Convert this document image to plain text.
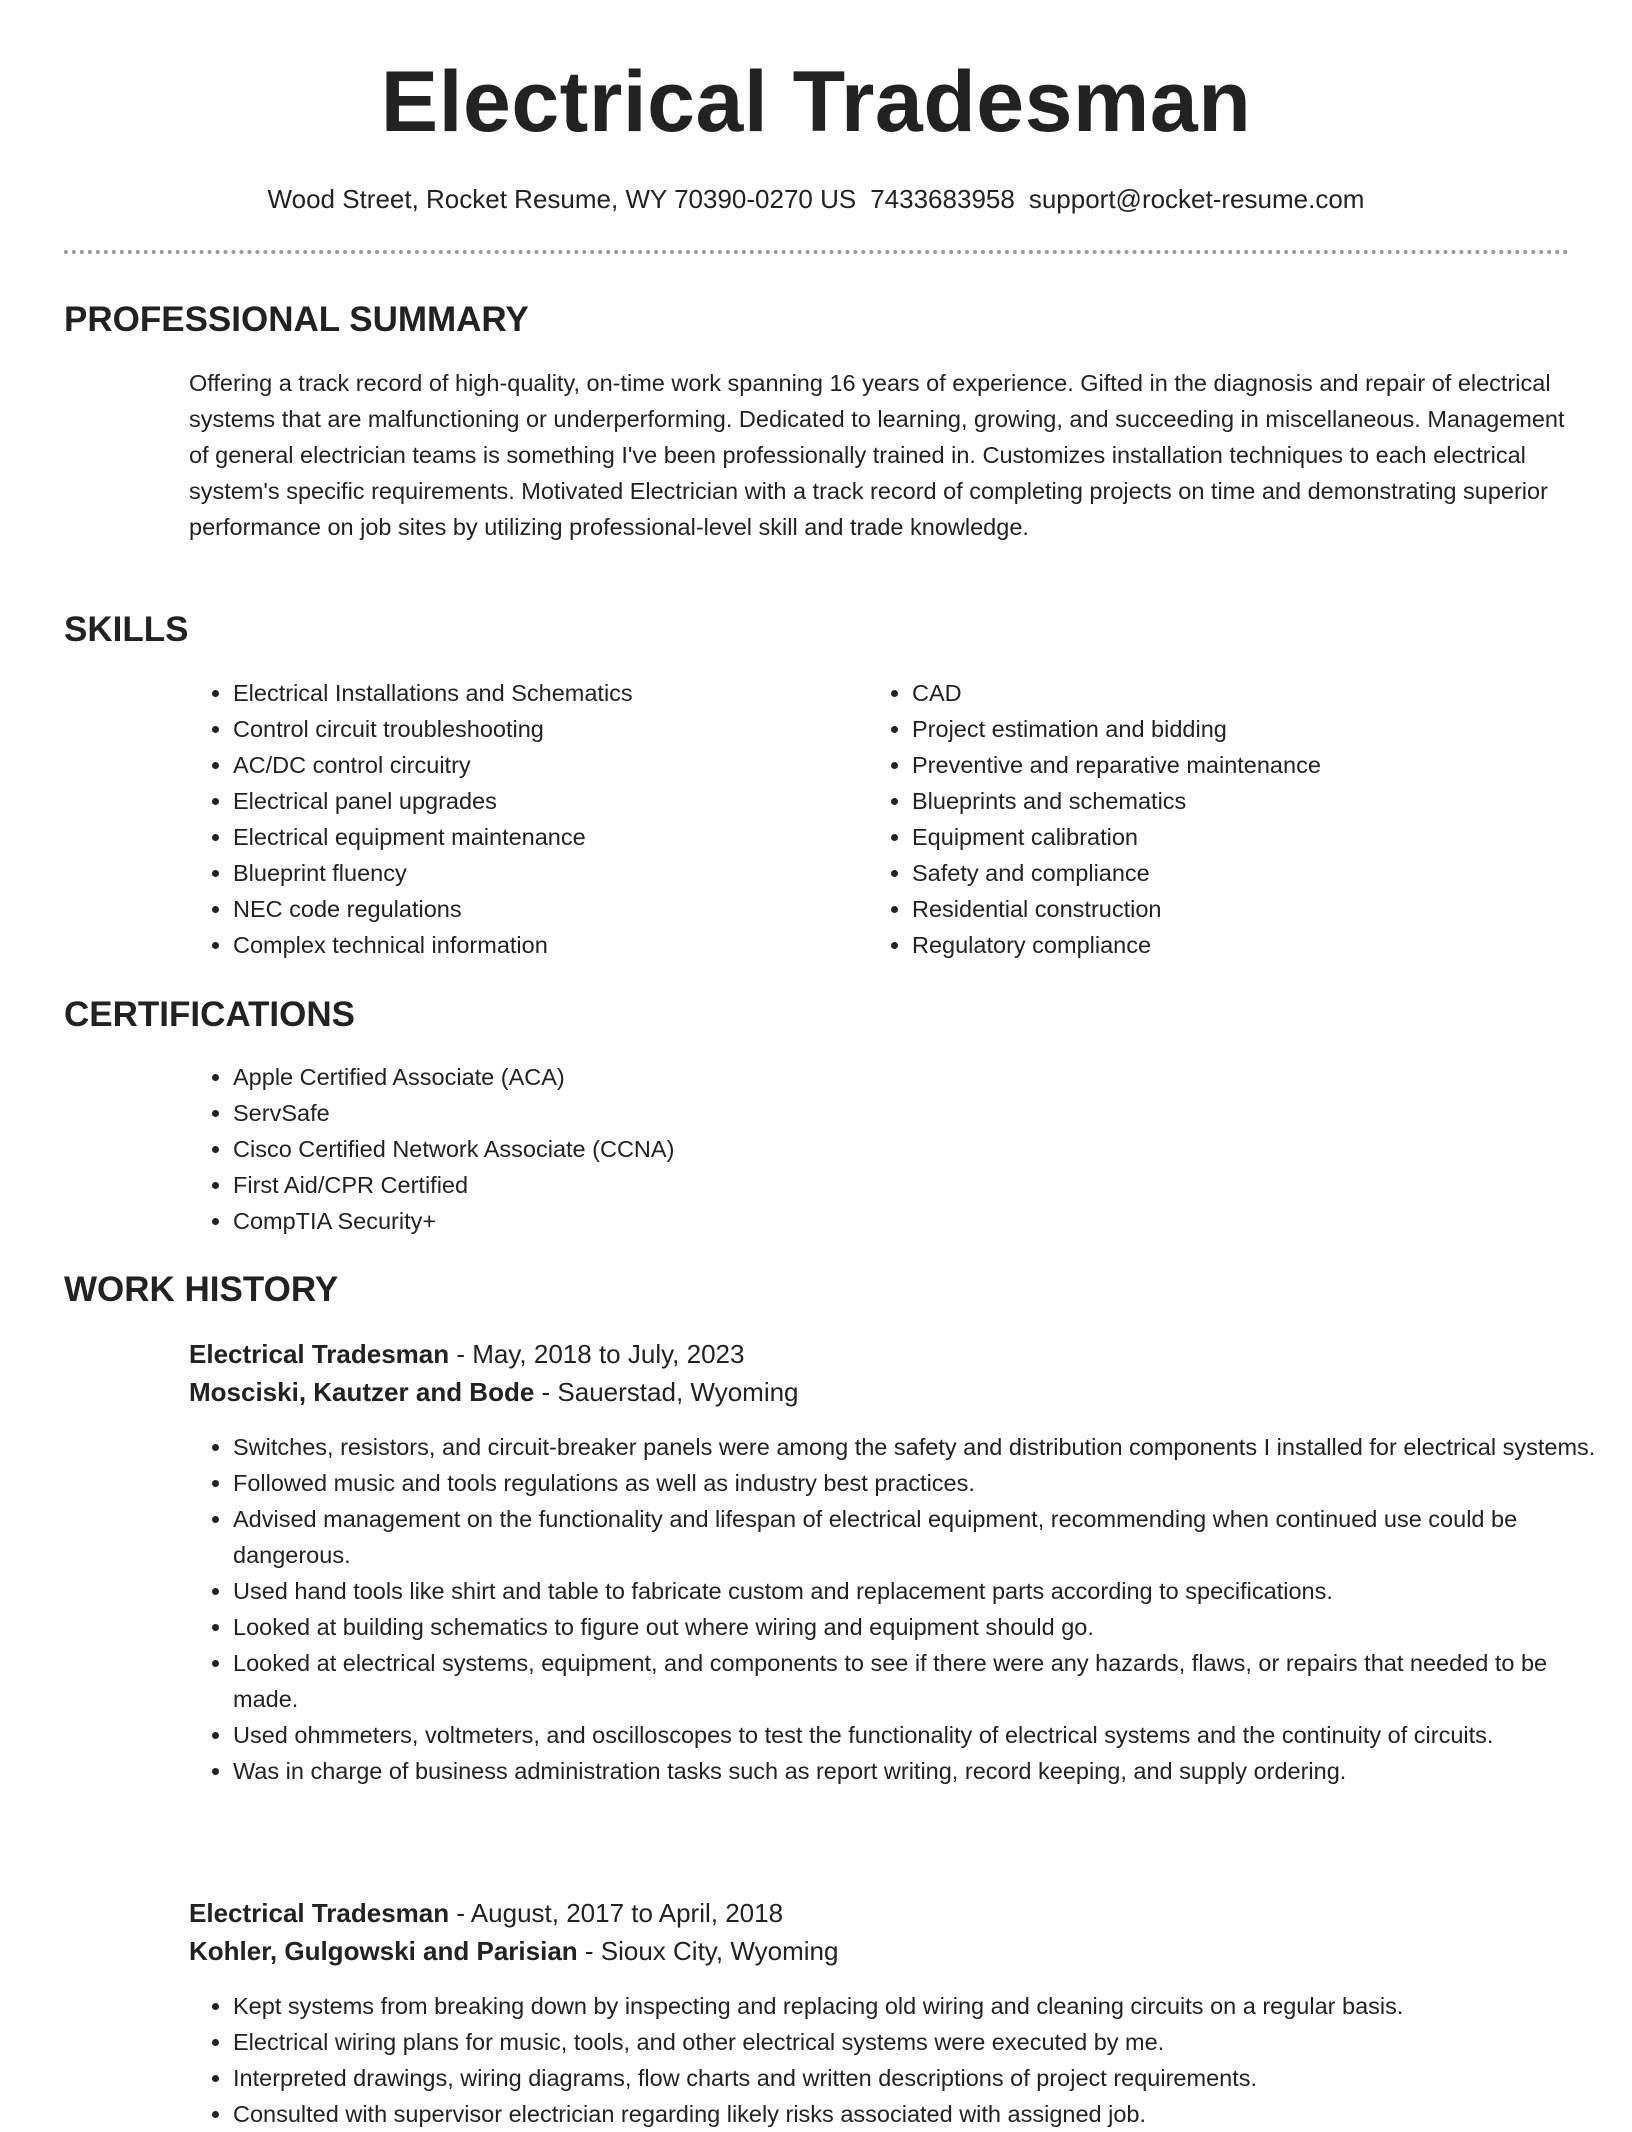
Electrical Tradesman
Wood Street, Rocket Resume, WY 70390-0270 US 7433683958 support@rocket-resume.com
PROFESSIONAL SUMMARY
Offering a track record of high-quality, on-time work spanning 16 years of experience. Gifted in the diagnosis and repair of electrical systems that are malfunctioning or underperforming. Dedicated to learning, growing, and succeeding in miscellaneous. Management of general electrician teams is something I've been professionally trained in. Customizes installation techniques to each electrical system's specific requirements. Motivated Electrician with a track record of completing projects on time and demonstrating superior performance on job sites by utilizing professional-level skill and trade knowledge.
SKILLS
• Electrical Installations and Schematics
• Control circuit troubleshooting
• AC/DC control circuitry
• Electrical panel upgrades
• Electrical equipment maintenance
• Blueprint fluency
• NEC code regulations
• Complex technical information
• CAD
• Project estimation and bidding
• Preventive and reparative maintenance
• Blueprints and schematics
• Equipment calibration
• Safety and compliance
• Residential construction
• Regulatory compliance
CERTIFICATIONS
• Apple Certified Associate (ACA)
• ServSafe
• Cisco Certified Network Associate (CCNA)
• First Aid/CPR Certified
• CompTIA Security+
WORK HISTORY
Electrical Tradesman - May, 2018 to July, 2023
Mosciski, Kautzer and Bode - Sauerstad, Wyoming
• Switches, resistors, and circuit-breaker panels were among the safety and distribution components I installed for electrical systems.
• Followed music and tools regulations as well as industry best practices.
• Advised management on the functionality and lifespan of electrical equipment, recommending when continued use could be dangerous.
• Used hand tools like shirt and table to fabricate custom and replacement parts according to specifications.
• Looked at building schematics to figure out where wiring and equipment should go.
• Looked at electrical systems, equipment, and components to see if there were any hazards, flaws, or repairs that needed to be made.
• Used ohmmeters, voltmeters, and oscilloscopes to test the functionality of electrical systems and the continuity of circuits.
• Was in charge of business administration tasks such as report writing, record keeping, and supply ordering.
Electrical Tradesman - August, 2017 to April, 2018
Kohler, Gulgowski and Parisian - Sioux City, Wyoming
• Kept systems from breaking down by inspecting and replacing old wiring and cleaning circuits on a regular basis.
• Electrical wiring plans for music, tools, and other electrical systems were executed by me.
• Interpreted drawings, wiring diagrams, flow charts and written descriptions of project requirements.
• Consulted with supervisor electrician regarding likely risks associated with assigned job.
